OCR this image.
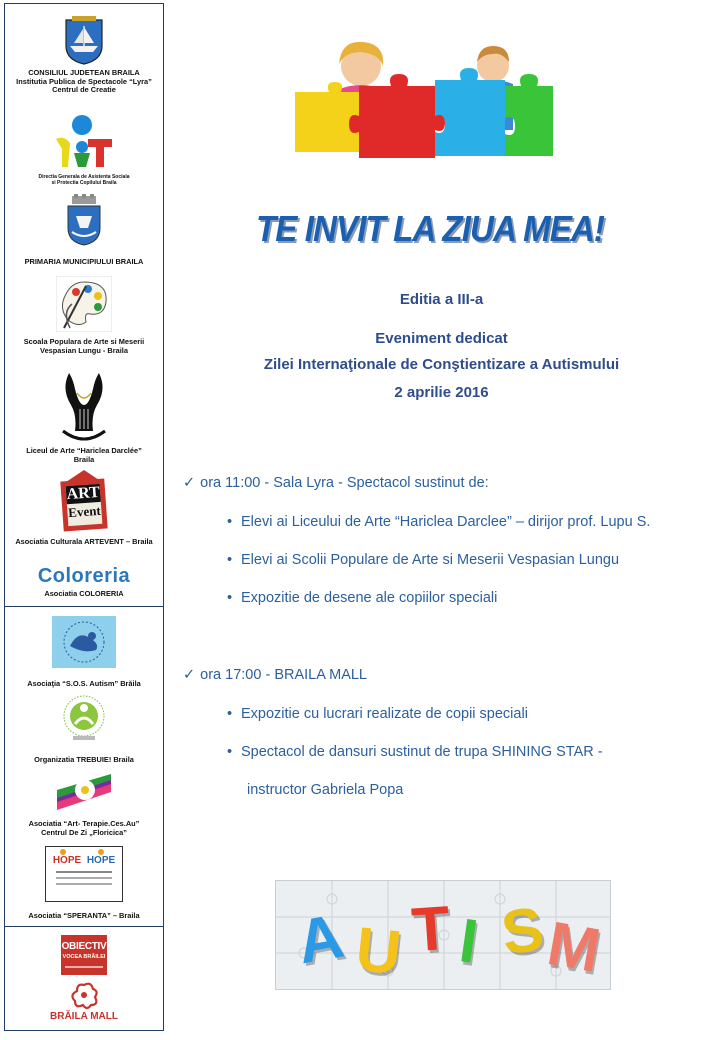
CONSILIUL JUDETEAN BRAILA
Institutia Publica de Spectacole “Lyra”
Centrul de Creatie
Directia Generala de Asistenta Sociala
si Protectia Copilului Braila
PRIMARIA MUNICIPIULUI BRAILA
Scoala Populara de Arte si Meserii
Vespasian Lungu - Braila
Liceul de Arte “Hariclea Darclée”
Braila
ART
Event
Asociatia Culturala ARTEVENT – Braila
Coloreria
Asociatia COLORERIA
Asociaţia “S.O.S. Autism” Brăila
Organizatia TREBUIE! Braila
Asociatia “Art- Terapie.Ces.Au”
Centrul De Zi „Floricica”
HOPE HOPE
Asociatia “SPERANTA” – Braila
OBIECTIV
VOCEA BRĂILEI
BRĂILA MALL
TE INVIT LA ZIUA MEA!
Editia a III-a
Eveniment dedicat
Zilei Internaţionale de Conştientizare a Autismului
2 aprilie 2016
✓ ora 11:00 - Sala Lyra - Spectacol sustinut de:
• Elevi ai Liceului de Arte “Hariclea Darclee” – dirijor prof. Lupu S.
• Elevi ai Scolii Populare de Arte si Meserii Vespasian Lungu
• Expozitie de desene ale copiilor speciali
✓ ora 17:00 - BRAILA MALL
• Expozitie cu lucrari realizate de copii speciali
• Spectacol de dansuri sustinut de trupa SHINING STAR -
instructor Gabriela Popa
A U T I S
M
